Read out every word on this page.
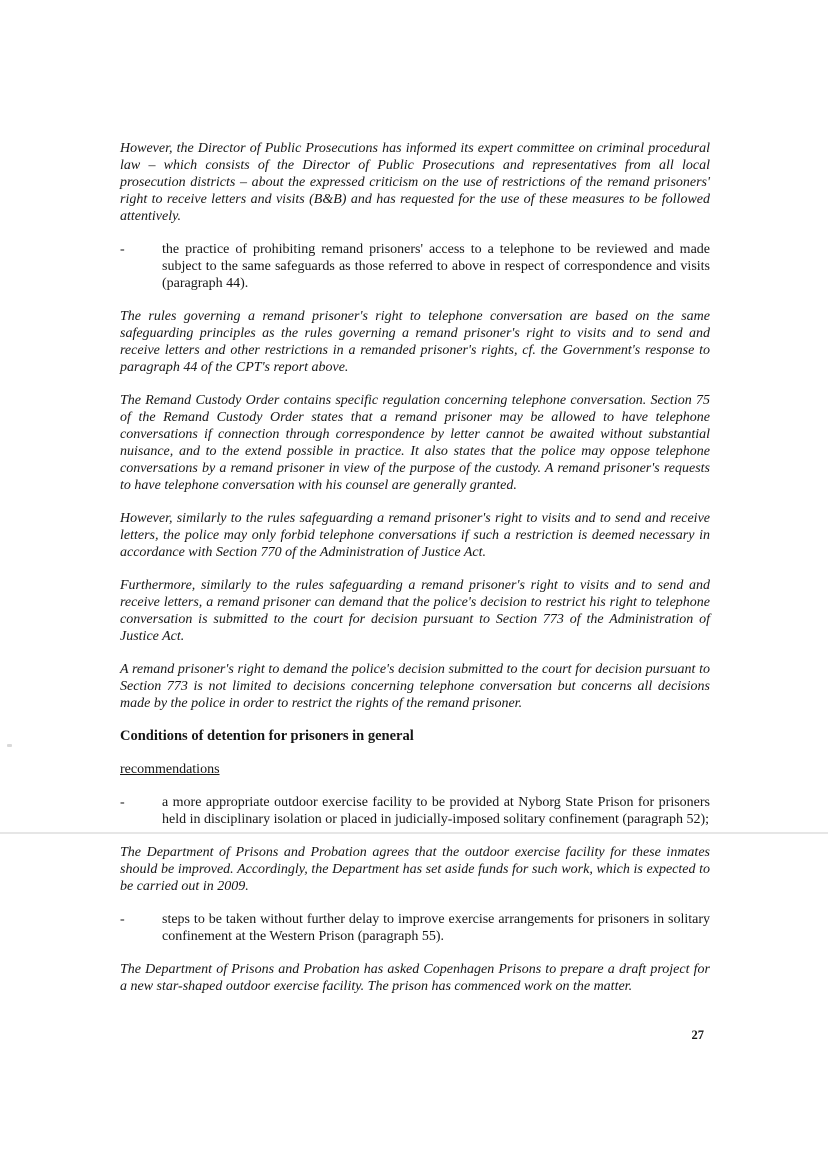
However, the Director of Public Prosecutions has informed its expert committee on criminal procedural law – which consists of the Director of Public Prosecutions and representatives from all local prosecution districts – about the expressed criticism on the use of restrictions of the remand prisoners' right to receive letters and visits (B&B) and has requested for the use of these measures to be followed attentively.

-	the practice of prohibiting remand prisoners' access to a telephone to be reviewed and made subject to the same safeguards as those referred to above in respect of correspondence and visits (paragraph 44).

The rules governing a remand prisoner's right to telephone conversation are based on the same safeguarding principles as the rules governing a remand prisoner's right to visits and to send and receive letters and other restrictions in a remanded prisoner's rights, cf. the Government's response to paragraph 44 of the CPT's report above.

The Remand Custody Order contains specific regulation concerning telephone conversation. Section 75 of the Remand Custody Order states that a remand prisoner may be allowed to have telephone conversations if connection through correspondence by letter cannot be awaited without substantial nuisance, and to the extend possible in practice. It also states that the police may oppose telephone conversations by a remand prisoner in view of the purpose of the custody. A remand prisoner's requests to have telephone conversation with his counsel are generally granted.

However, similarly to the rules safeguarding a remand prisoner's right to visits and to send and receive letters, the police may only forbid telephone conversations if such a restriction is deemed necessary in accordance with Section 770 of the Administration of Justice Act.

Furthermore, similarly to the rules safeguarding a remand prisoner's right to visits and to send and receive letters, a remand prisoner can demand that the police's decision to restrict his right to telephone conversation is submitted to the court for decision pursuant to Section 773 of the Administration of Justice Act.

A remand prisoner's right to demand the police's decision submitted to the court for decision pursuant to Section 773 is not limited to decisions concerning telephone conversation but concerns all decisions made by the police in order to restrict the rights of the remand prisoner.

Conditions of detention for prisoners in general

recommendations

-	a more appropriate outdoor exercise facility to be provided at Nyborg State Prison for prisoners held in disciplinary isolation or placed in judicially-imposed solitary confinement (paragraph 52);

The Department of Prisons and Probation agrees that the outdoor exercise facility for these inmates should be improved. Accordingly, the Department has set aside funds for such work, which is expected to be carried out in 2009.

-	steps to be taken without further delay to improve exercise arrangements for prisoners in solitary confinement at the Western Prison (paragraph 55).

The Department of Prisons and Probation has asked Copenhagen Prisons to prepare a draft project for a new star-shaped outdoor exercise facility. The prison has commenced work on the matter.

27
